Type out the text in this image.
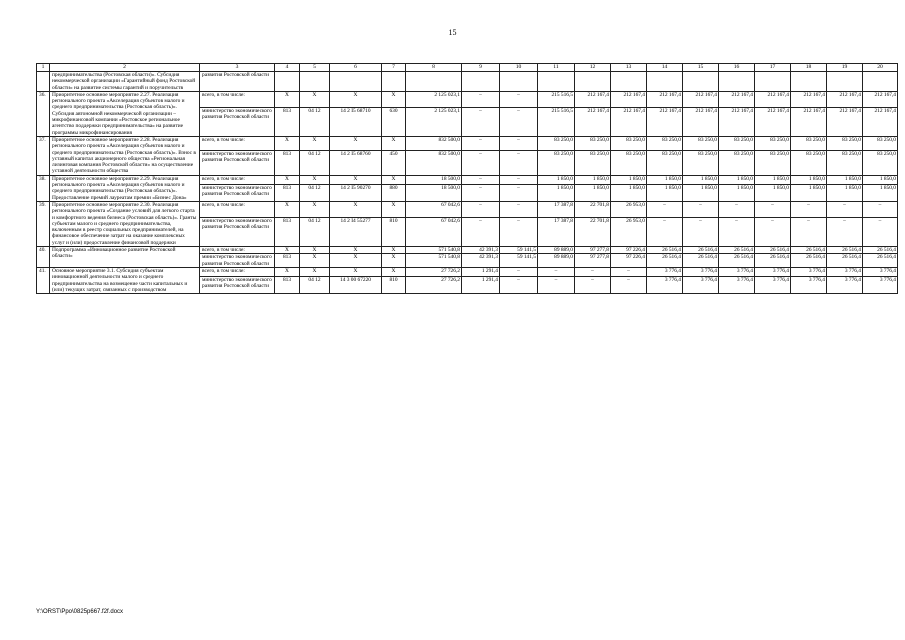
15
1	2	3	4	5	6	7	8	9	10	11	12	13	14	15	16	17	18	19	20
	предпринимательства (Ростовская области)». Субсидия некоммерческой организации «Гарантийный фонд Ростовской области» на развитие системы гарантий и поручительств	развития Ростовской области																	
36.	Приоритетное основное мероприятие 2.27. Реализация регионального проекта «Акселерация субъектов малого и среднего предпринимательства (Ростовская область)». Субсидия автономной некоммерческой организации – микрофинансовой компании «Ростовское региональное агентство поддержки предпринимательства» на развитие программы микрофинансирования	всего, в том числе:	X	X	X	X	2 125 023,1	–	–	215 516,5	212 167,4	212 167,4	212 167,4	212 167,4	212 167,4	212 167,4	212 167,4	212 167,4	212 167,4
		министерство экономического развития Ростовской области	813	04 12	14 2 I5 68710	630	2 125 023,1	–	–	215 516,5	212 167,4	212 167,4	212 167,4	212 167,4	212 167,4	212 167,4	212 167,4	212 167,4	212 167,4
37.	Приоритетное основное мероприятие 2.28. Реализация регионального проекта «Акселерация субъектов малого и среднего предпринимательства (Ростовская область)». Взнос в уставный капитал акционерного общества «Региональная лизинговая компания Ростовской области» на осуществление уставной деятельности общества	всего, в том числе:	X	X	X	X	832 500,0	–	–	83 250,0	83 250,0	83 250,0	83 250,0	83 250,0	83 250,0	83 250,0	83 250,0	83 250,0	83 250,0
		министерство экономического развития Ростовской области	813	04 12	14 2 I5 68760	450	832 500,0	–	–	83 250,0	83 250,0	83 250,0	83 250,0	83 250,0	83 250,0	83 250,0	83 250,0	83 250,0	83 250,0
38.	Приоритетное основное мероприятие 2.29. Реализация регионального проекта «Акселерация субъектов малого и среднего предпринимательства (Ростовская область)». Предоставление премий лауреатам премии «Бизнес Дона»	всего, в том числе:	X	X	X	X	18 500,0	–	–	1 850,0	1 850,0	1 850,0	1 850,0	1 850,0	1 850,0	1 850,0	1 850,0	1 850,0	1 850,0
		министерство экономического развития Ростовской области	813	04 12	14 2 I5 90270	880	18 500,0	–	–	1 850,0	1 850,0	1 850,0	1 850,0	1 850,0	1 850,0	1 850,0	1 850,0	1 850,0	1 850,0
39.	Приоритетное основное мероприятие 2.30. Реализация регионального проекта «Создание условий для легкого старта и комфортного ведения бизнеса (Ростовская область)». Гранты субъектам малого и среднего предпринимательства, включенным в реестр социальных предпринимателей, на финансовое обеспечение затрат на оказание комплексных услуг и (или) предоставление финансовой поддержки	всего, в том числе:	X	X	X	X	67 042,6	–	–	17 387,8	22 701,8	26 953,0	–	–	–	–	–	–	–
		министерство экономического развития Ростовской области	813	04 12	14 2 I4 55277	810	67 042,6	–	–	17 387,8	22 701,8	26 953,0	–	–	–	–	–	–	–
40.	Подпрограмма «Инновационное развитие Ростовской области»	всего, в том числе:	X	X	X	X	571 540,8	42 391,3	59 141,5	89 889,0	97 277,8	97 226,4	26 516,4	26 516,4	26 516,4	26 516,4	26 516,4	26 516,4	26 516,4
		министерство экономического развития Ростовской области	813	X	X	X	571 540,8	42 391,3	59 141,5	89 889,0	97 277,8	97 226,4	26 516,4	26 516,4	26 516,4	26 516,4	26 516,4	26 516,4	26 516,4
41.	Основное мероприятие 3.1. Субсидия субъектам инновационной деятельности малого и среднего предпринимательства на возмещение части капитальных и (или) текущих затрат, связанных с производством	всего, в том числе:	X	X	X	X	27 726,2	1 291,4	–	–	–	–	3 776,4	3 776,4	3 776,4	3 776,4	3 776,4	3 776,4	3 776,4
		министерство экономического развития Ростовской области	813	04 12	14 3 00 67220	810	27 726,2	1 291,4	–	–	–	–	3 776,4	3 776,4	3 776,4	3 776,4	3 776,4	3 776,4	3 776,4
Y:\ORST\Ppo\0825p667.f2f.docx
